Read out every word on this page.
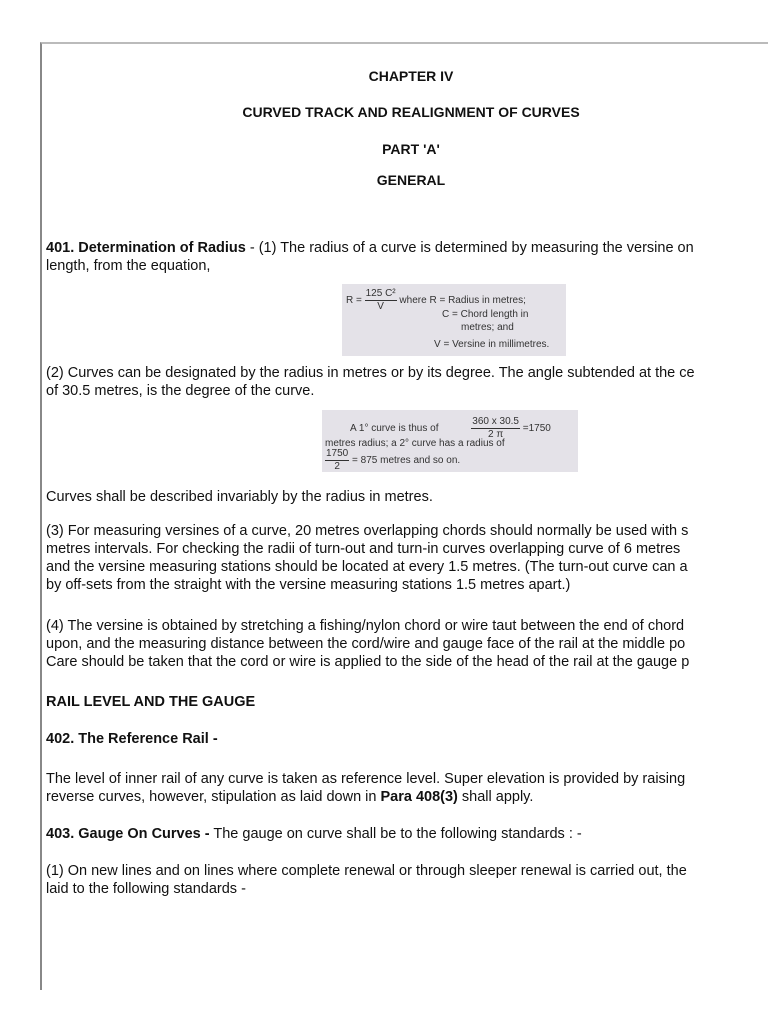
CHAPTER IV
CURVED TRACK AND REALIGNMENT OF CURVES
PART 'A'
GENERAL
401. Determination of Radius - (1) The radius of a curve is determined by measuring the versine on
length, from the equation,
$R = \frac{\text{125 C²}}{V}$ where R = Radius in metres;
C = Chord length in
metres; and
V = Versine in millimetres.
(2) Curves can be designated by the radius in metres or by its degree. The angle subtended at the ce
of 30.5 metres, is the degree of the curve.
A 1° curve is thus of	$\frac{360 x 30.5}{2 \pi} =1750$
metres radius; a 2° curve has a radius of
$\frac{1750}{2} = 875$ metres and so on.
Curves shall be described invariably by the radius in metres.
(3) For measuring versines of a curve, 20 metres overlapping chords should normally be used with s
metres intervals. For checking the radii of turn-out and turn-in curves overlapping curve of 6 metres
and the versine measuring stations should be located at every 1.5 metres. (The turn-out curve can a
by off-sets from the straight with the versine measuring stations 1.5 metres apart.)
(4) The versine is obtained by stretching a fishing/nylon chord or wire taut between the end of chord
upon, and the measuring distance between the cord/wire and gauge face of the rail at the middle po
Care should be taken that the cord or wire is applied to the side of the head of the rail at the gauge p
RAIL LEVEL AND THE GAUGE
402. The Reference Rail -
The level of inner rail of any curve is taken as reference level. Super elevation is provided by raising
reverse curves, however, stipulation as laid down in Para 408(3) shall apply.
403. Gauge On Curves - The gauge on curve shall be to the following standards : -
(1) On new lines and on lines where complete renewal or through sleeper renewal is carried out, the
laid to the following standards -
